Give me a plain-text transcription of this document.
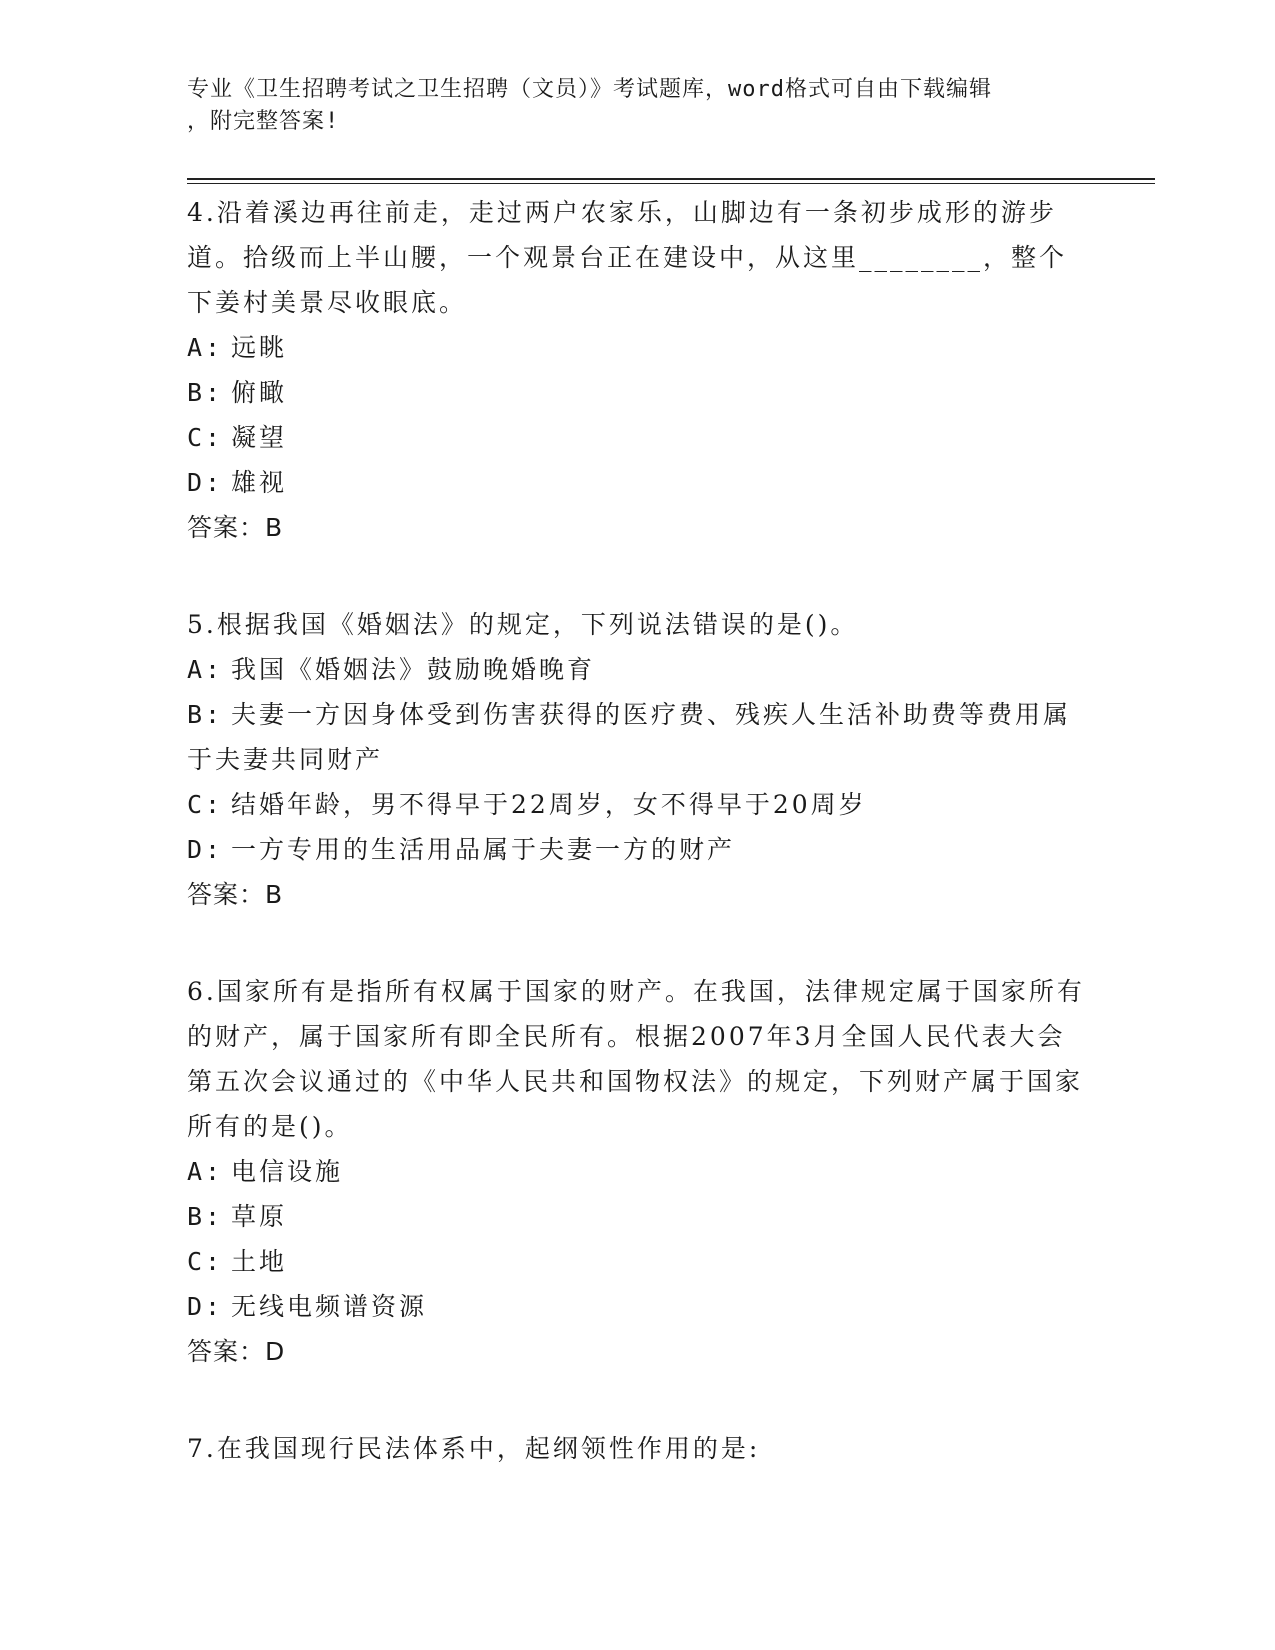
专业《卫生招聘考试之卫生招聘（文员）》考试题库，word格式可自由下载编辑
，附完整答案!

4.沿着溪边再往前走，走过两户农家乐，山脚边有一条初步成形的游步道。拾级而上半山腰，一个观景台正在建设中，从这里________，整个下姜村美景尽收眼底。

A: 远眺

B: 俯瞰

C: 凝望

D: 雄视

答案：B

5.根据我国《婚姻法》的规定，下列说法错误的是()。

A: 我国《婚姻法》鼓励晚婚晚育

B: 夫妻一方因身体受到伤害获得的医疗费、残疾人生活补助费等费用属于夫妻共同财产

C: 结婚年龄，男不得早于22周岁，女不得早于20周岁

D: 一方专用的生活用品属于夫妻一方的财产

答案：B

6.国家所有是指所有权属于国家的财产。在我国，法律规定属于国家所有的财产，属于国家所有即全民所有。根据2007年3月全国人民代表大会第五次会议通过的《中华人民共和国物权法》的规定，下列财产属于国家所有的是()。

A: 电信设施

B: 草原

C: 土地

D: 无线电频谱资源

答案：D

7.在我国现行民法体系中，起纲领性作用的是:
